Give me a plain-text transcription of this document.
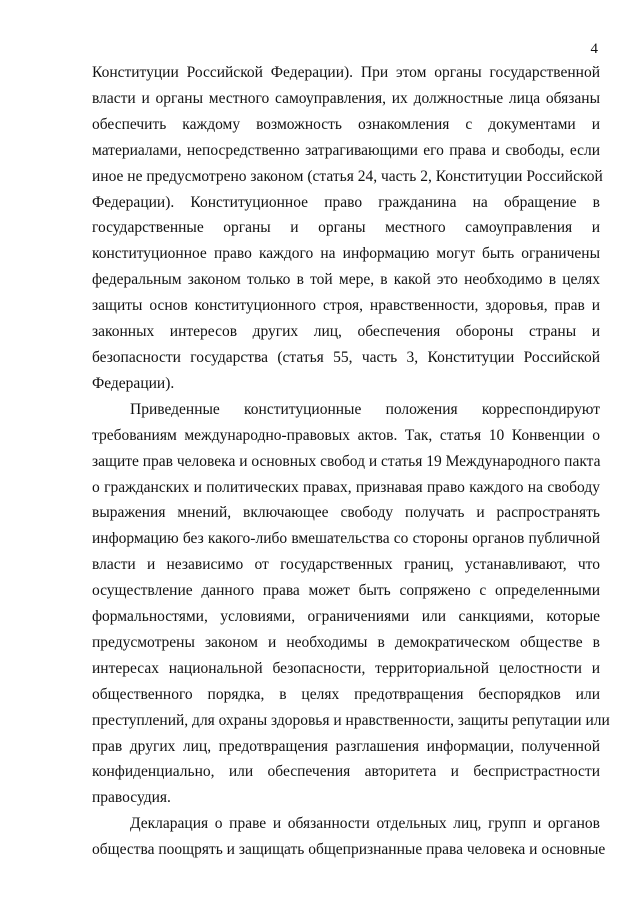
4
Конституции Российской Федерации). При этом органы государственной
власти и органы местного самоуправления, их должностные лица обязаны
обеспечить каждому возможность ознакомления с документами и
материалами, непосредственно затрагивающими его права и свободы, если
иное не предусмотрено законом (статья 24, часть 2, Конституции Российской
Федерации). Конституционное право гражданина на обращение в
государственные органы и органы местного самоуправления и
конституционное право каждого на информацию могут быть ограничены
федеральным законом только в той мере, в какой это необходимо в целях
защиты основ конституционного строя, нравственности, здоровья, прав и
законных интересов других лиц, обеспечения обороны страны и
безопасности государства (статья 55, часть 3, Конституции Российской
Федерации).
Приведенные конституционные положения корреспондируют
требованиям международно-правовых актов. Так, статья 10 Конвенции о
защите прав человека и основных свобод и статья 19 Международного пакта
о гражданских и политических правах, признавая право каждого на свободу
выражения мнений, включающее свободу получать и распространять
информацию без какого-либо вмешательства со стороны органов публичной
власти и независимо от государственных границ, устанавливают, что
осуществление данного права может быть сопряжено с определенными
формальностями, условиями, ограничениями или санкциями, которые
предусмотрены законом и необходимы в демократическом обществе в
интересах национальной безопасности, территориальной целостности и
общественного порядка, в целях предотвращения беспорядков или
преступлений, для охраны здоровья и нравственности, защиты репутации или
прав других лиц, предотвращения разглашения информации, полученной
конфиденциально, или обеспечения авторитета и беспристрастности
правосудия.
Декларация о праве и обязанности отдельных лиц, групп и органов
общества поощрять и защищать общепризнанные права человека и основные
